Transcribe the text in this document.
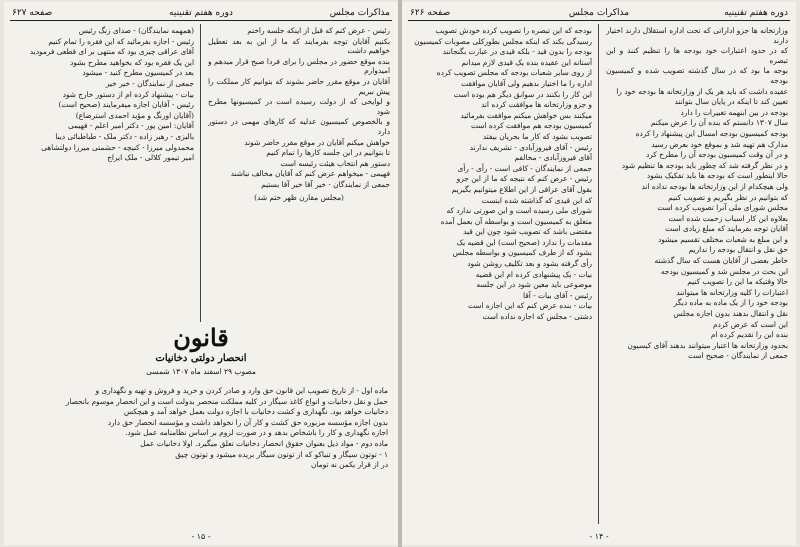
مذاکرات مجلس
دوره هفتم تقنینیه
صفحه ۶۲۷

رئیس - عرض کنم که قبل از اینکه جلسه راختم

بکنیم آقایان توجه بفرمایند که ما از این به بعد تعطیل خواهیم داشت

بنده موقع حضور در مجلس را برای فردا صبح قرار میدهم و امیدوارم

آقایان در موقع مقرر حاضر بشوند که بتوانیم کار مملکت را پیش ببریم

و لوایحی که از دولت رسیده است در کمیسیونها مطرح شود

و بالخصوص کمیسیون عدلیه که کارهای مهمی در دستور دارد

خواهش میکنم آقایان در موقع مقرر حاضر شوند

تا بتوانیم در این جلسه کارها را تمام کنیم

دستور هم انتخاب هیئت رئیسه است

فهیمی - میخواهم عرض کنم که آقایان مخالف نباشند

جمعی از نمایندگان - خیر آقا خیر آقا بستیم

(مجلس مقارن ظهر ختم شد)

(همهمه نمایندگان) - صدای زنگ رئیس

رئیس - اجازه بفرمائید که این فقره را تمام کنیم

آقای عراقی چیزی بود که منتهی بر ای قطعی فرمودید

این یک فقره بود که بخواهید مطرح بشود

بعد در کمیسیون مطرح کنید - میشود

جمعی از نمایندگان - خیر خیر

بیات - پیشنهاد کرده ام از دستور خارج شود

رئیس - آقایان اجازه میفرمایند (صحیح است)

(آقایان اورنگ و مؤید احمدی استرضاع)

آقایان: امین پور - دکتر امیر اعلم - فهیمی

بالیزی - رهبر زاده - دکتر ملک - طباطبائی دیبا

محمدولی میرزا - کنیچه - حشمتی میرزا دولتشاهی

امیر تیمور کلالی - ملک ایراج

قانون
انحصار دولتی دخانیات
مصوب ۲۹ اسفند ماه ۱۳۰۷ شمسی

ماده اول - از تاریخ تصویب این قانون حق وارد و صادر کردن و خرید و فروش و تهیه و نگهداری و

حمل و نقل دخانیات و انواع کاغذ سیگار در کلیه مملکت منحصر بدولت است و این انحصار موسوم بانحصار

دخانیات خواهد بود. نگهداری و کشت دخانیات با اجازه دولت بعمل خواهد آمد و هیچکس

بدون اجازه مؤسسه مزبوره حق کشت و کار آن را نخواهد داشت و مؤسسه انحصار حق دارد

اجازه نگهداری و کار را باشخاص بدهد و در صورت لزوم بر اساس نظامنامه عمل شود.

ماده دوم - مواد ذیل بعنوان حقوق انحصار دخانیات تعلق میگیرد. اولا دخانیات عمل

۱ - توتون سیگار و تنباکو که از توتون سیگار بریده میشود و توتون چپق

در از قرار یکمن نه تومان

- ۱۵ -
دوره هفتم تقنینیه
مذاکرات مجلس
صفحه ۶۲۶

وزارتخانه ها جزو اداراتی که تحت اداره استقلال دارند اختیار دارند

که در حدود اعتبارات خود بودجه ها را تنظیم کنند و این تبصره

بوجه ما بود که در سال گذشته تصویب شده و کمیسیون بودجه

عقیده داشت که باید هر یک از وزارتخانه ها بودجه خود را

تعیین کند تا اینکه در پایان سال بتوانند

بودجه در بین اینهمه تغییرات را دارد

سال ۱۳۰۷ دانستم که بنده آن را عرض میکنم

بودجه کمیسیون بودجه امسال این پیشنهاد را کرده

مدارک هم تهیه شد و بموقع خود بعرض رسید

و در آن وقت کمیسیون بودجه آن را مطرح کرد

و در نظر گرفته شد که چطور باید بودجه ها تنظیم شود

حالا اینطور است که بودجه ها باید تفکیک بشود

ولی هیچکدام از این وزارتخانه ها بودجه نداده اند

که بتوانیم در نظر بگیریم و تصویب کنیم

مجلس شورای ملی آنرا تصویب کرده است

بعلاوه این کار اسباب زحمت شده است

آقایان توجه بفرمایند که مبلغ زیادی است

و این مبلغ به شعبات مختلف تقسیم میشود

حق نقل و انتقال بودجه را نداریم

خاطر بعضی از آقایان هست که سال گذشته

این بحث در مجلس شد و کمیسیون بودجه

حالا وقتیکه ما این را تصویب کنیم

اعتبارات را کلیه وزارتخانه ها میتوانند

بودجه خود را از یک ماده به ماده دیگر

نقل و انتقال بدهند بدون اجازه مجلس

این است که عرض کردم

بنده این را تقدیم کرده ام

بحدود وزارتخانه ها اعتبار میتوانند بدهند آقای کیسیون

جمعی از نمایندگان - صحیح است

بودجه که این تبصره را تصویب کرده خودش تصویب

رسیدگی بکند که اینکه مجلس بطورکلی مصوبات کمیسیون

بودجه را بدون قید - بلکه قیدی در عبارت بگنجانند

آستانه این عقیده بنده یک قیدی لازم میدانم

از روی سایر شعبات بودجه که مجلس تصویب کرده

اداره را ما اختیار بدهیم ولی آقایان موافقت

این کار را بکنند در سوابق دیگر هم بوده است

و جزو وزارتخانه ها موافقت کرده اند

میکنند بس خواهش میکنم موافقت بفرمائید

کمیسیون بودجه هم موافقت کرده است

تصویب بشود که کار ما بجریان بیفتد

رئیس - آقای فیروزآبادی - تشریف ندارند

آقای فیروزآبادی - مخالفم

جمعی از نمایندگان - کافی است - رأی - رأی

رئیس - عرض کنم که نتیجه که ما از این جزو

بقول آقای عراقی از این اطلاع میتوانیم بگیریم

که این قیدی که گذاشته شده اینست

شورای ملی رسیده است و این صورتی ندارد که

متعلق به کمیسیون است و بواسطه آن بعمل آمده

مقتضی باشد که تصویب شود چون این قید

مقدمات را ندارد (صحیح است) این قضیه یک

بشود که از طرف کمیسیون و بواسطه مجلس

رأی گرفته بشود و بعد تکلیف روشن شود

بیات - یک پیشنهادی کرده ام این قضیه

موضوعی باید معین شود در این جلسه

رئیس - آقای بیات - آقا

بیات - بنده عرض کنم که این اجازه است

دشتی - مجلس که اجازه نداده است

- ۱۴ -
